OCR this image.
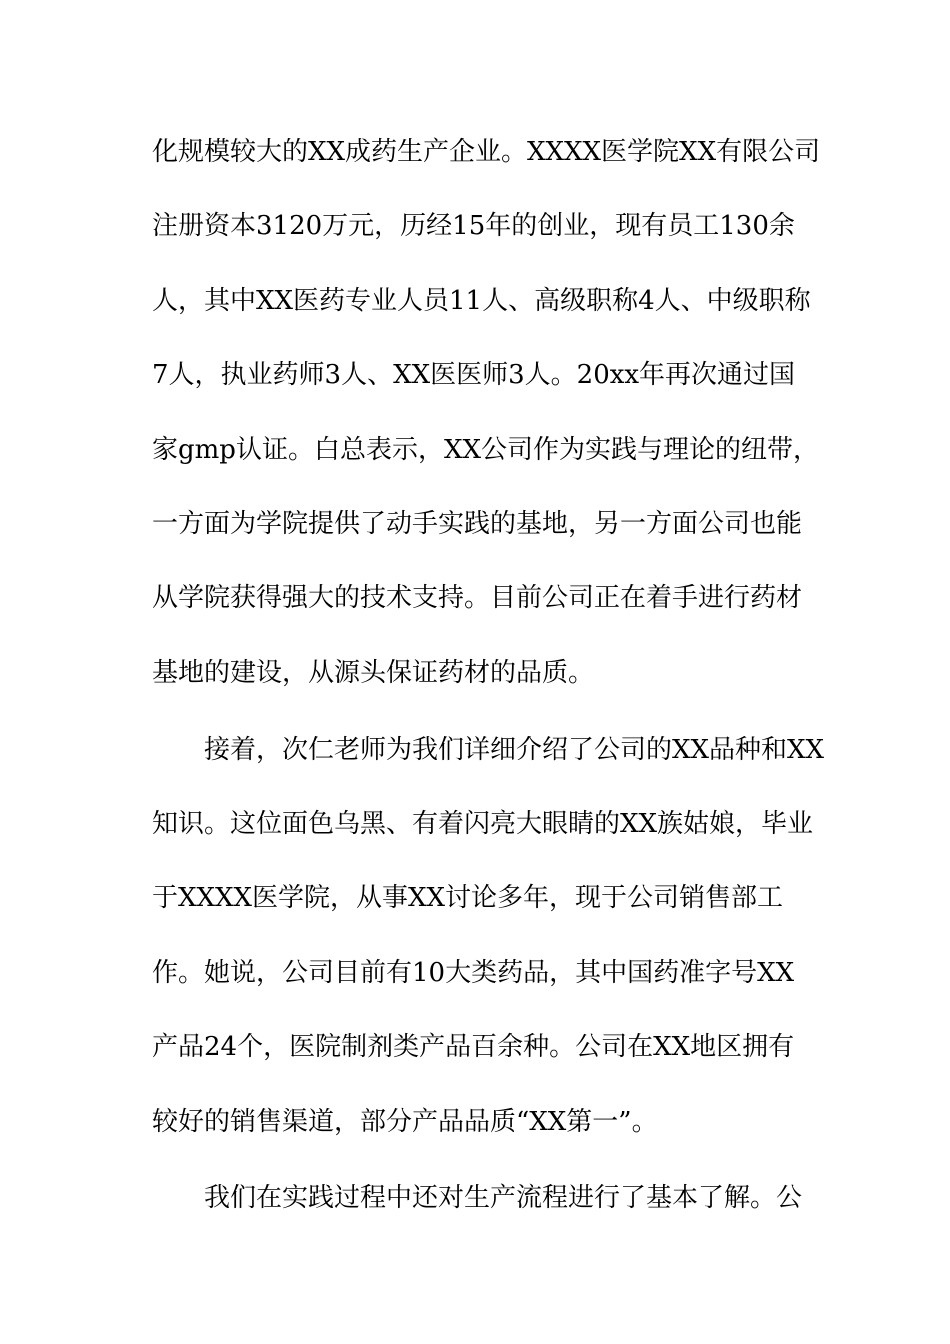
化规模较大的XX成药生产企业。XXXX医学院XX有限公司
注册资本3120万元，历经15年的创业，现有员工130余
人，其中XX医药专业人员11人、高级职称4人、中级职称
7人，执业药师3人、XX医医师3人。20xx年再次通过国
家gmp认证。白总表示，XX公司作为实践与理论的纽带，
一方面为学院提供了动手实践的基地，另一方面公司也能
从学院获得强大的技术支持。目前公司正在着手进行药材
基地的建设，从源头保证药材的品质。
接着，次仁老师为我们详细介绍了公司的XX品种和XX
知识。这位面色乌黑、有着闪亮大眼睛的XX族姑娘，毕业
于XXXX医学院，从事XX讨论多年，现于公司销售部工
作。她说，公司目前有10大类药品，其中国药准字号XX
产品24个，医院制剂类产品百余种。公司在XX地区拥有
较好的销售渠道，部分产品品质“XX第一”。
我们在实践过程中还对生产流程进行了基本了解。公
